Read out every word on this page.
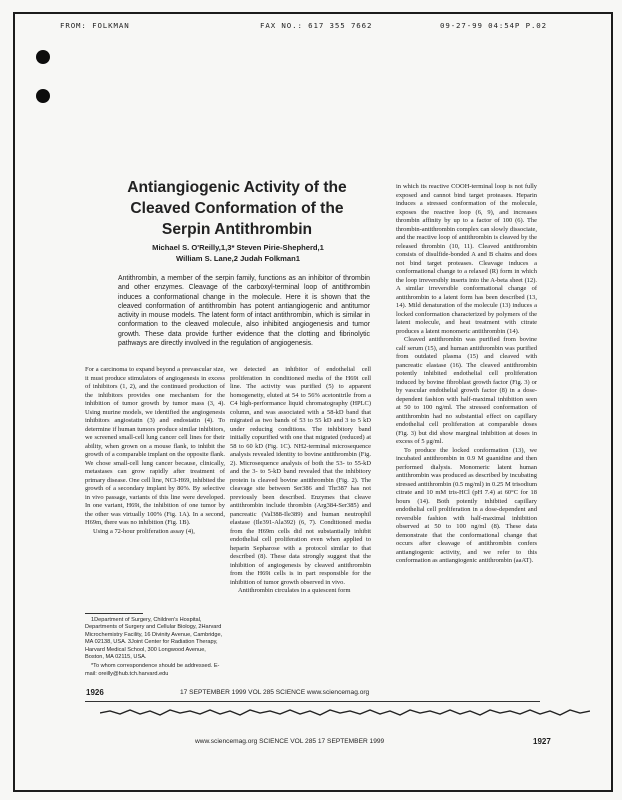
FROM: FOLKMAN	FAX NO.: 617 355 7662	09-27-99 04:54P P.02
Antiangiogenic Activity of the Cleaved Conformation of the Serpin Antithrombin
Michael S. O'Reilly,1,3* Steven Pirie-Shepherd,1
William S. Lane,2 Judah Folkman1
Antithrombin, a member of the serpin family, functions as an inhibitor of thrombin and other enzymes. Cleavage of the carboxyl-terminal loop of antithrombin induces a conformational change in the molecule. Here it is shown that the cleaved conformation of antithrombin has potent antiangiogenic and antitumor activity in mouse models. The latent form of intact antithrombin, which is similar in conformation to the cleaved molecule, also inhibited angiogenesis and tumor growth. These data provide further evidence that the clotting and fibrinolytic pathways are directly involved in the regulation of angiogenesis.

For a carcinoma to expand beyond a prevascular size, it must produce stimulators of angiogenesis in excess of inhibitors (1, 2), and the continued production of the inhibitors provides one mechanism for the inhibition of tumor growth by tumor mass (3, 4). Using murine models, we identified the angiogenesis inhibitors angiostatin (3) and endostatin (4). To determine if human tumors produce similar inhibitors, we screened small-cell lung cancer cell lines for their ability, when grown on a mouse flank, to inhibit the growth of a comparable implant on the opposite flank. We chose small-cell lung cancer because, clinically, metastases can grow rapidly after treatment of primary disease. One cell line, NCI-H69, inhibited the growth of a secondary implant by 80%. By selective in vivo passage, variants of this line were developed. In one variant, H69i, the inhibition of one tumor by the other was virtually 100% (Fig. 1A). In a second, H69m, there was no inhibition (Fig. 1B).

Using a 72-hour proliferation assay (4),

1Department of Surgery, Children's Hospital, Departments of Surgery and Cellular Biology, 2Harvard Microchemistry Facility, 16 Divinity Avenue, Cambridge, MA 02138, USA. 3Joint Center for Radiation Therapy, Harvard Medical School, 300 Longwood Avenue, Boston, MA 02115, USA.

*To whom correspondence should be addressed. E-mail: oreilly@hub.tch.harvard.edu

we detected an inhibitor of endothelial cell proliferation in conditioned media of the H69i cell line. The activity was purified (5) to apparent homogeneity, eluted at 54 to 56% acetonitrile from a C4 high-performance liquid chromatography (HPLC) column, and was associated with a 58-kD band that migrated as two bands of 53 to 55 kD and 3 to 5 kD under reducing conditions. The inhibitory band initially copurified with one that migrated (reduced) at 58 to 60 kD (Fig. 1C). NH2-terminal microsequence analysis revealed identity to bovine antithrombin (Fig. 2). Microsequence analysis of both the 53- to 55-kD and the 3- to 5-kD band revealed that the inhibitory protein is cleaved bovine antithrombin (Fig. 2). The cleavage site between Ser386 and Thr387 has not previously been described. Enzymes that cleave antithrombin include thrombin (Arg384-Ser385) and pancreatic (Val388-Ile389) and human neutrophil elastase (Ile391-Ala392) (6, 7). Conditioned media from the H69m cells did not substantially inhibit endothelial cell proliferation even when applied to heparin Sepharose with a protocol similar to that described (8). These data strongly suggest that the inhibition of angiogenesis by cleaved antithrombin from the H69i cells is in part responsible for the inhibition of tumor growth observed in vivo.

Antithrombin circulates in a quiescent form

in which its reactive COOH-terminal loop is not fully exposed and cannot bind target proteases. Heparin induces a stressed conformation of the molecule, exposes the reactive loop (6, 9), and increases thrombin affinity by up to a factor of 100 (6). The thrombin-antithrombin complex can slowly dissociate, and the reactive loop of antithrombin is cleaved by the released thrombin (10, 11). Cleaved antithrombin consists of disulfide-bonded A and B chains and does not bind target proteases. Cleavage induces a conformational change to a relaxed (R) form in which the loop irreversibly inserts into the A-beta sheet (12). A similar irreversible conformational change of antithrombin to a latent form has been described (13, 14). Mild denaturation of the molecule (13) induces a locked conformation characterized by polymers of the latent molecule, and heat treatment with citrate produces a latent monomeric antithrombin (14).

Cleaved antithrombin was purified from bovine calf serum (15), and human antithrombin was purified from outdated plasma (15) and cleaved with pancreatic elastase (16). The cleaved antithrombin potently inhibited endothelial cell proliferation induced by bovine fibroblast growth factor (Fig. 3) or by vascular endothelial growth factor (8) in a dose-dependent fashion with half-maximal inhibition seen at 50 to 100 ng/ml. The stressed conformation of antithrombin had no substantial effect on capillary endothelial cell proliferation at comparable doses (Fig. 3) but did show marginal inhibition at doses in excess of 5 μg/ml.

To produce the locked conformation (13), we incubated antithrombin in 0.9 M guanidine and then performed dialysis. Monomeric latent human antithrombin was produced as described by incubating stressed antithrombin (0.5 mg/ml) in 0.25 M trisodium citrate and 10 mM tris-HCl (pH 7.4) at 60°C for 18 hours (14). Both potently inhibited capillary endothelial cell proliferation in a dose-dependent and reversible fashion with half-maximal inhibition observed at 50 to 100 ng/ml (8). These data demonstrate that the conformational change that occurs after cleavage of antithrombin confers antiangiogenic activity, and we refer to this conformation as antiangiogenic antithrombin (aaAT).

1926	17 SEPTEMBER 1999 VOL 285 SCIENCE www.sciencemag.org
www.sciencemag.org SCIENCE VOL 285 17 SEPTEMBER 1999	1927
